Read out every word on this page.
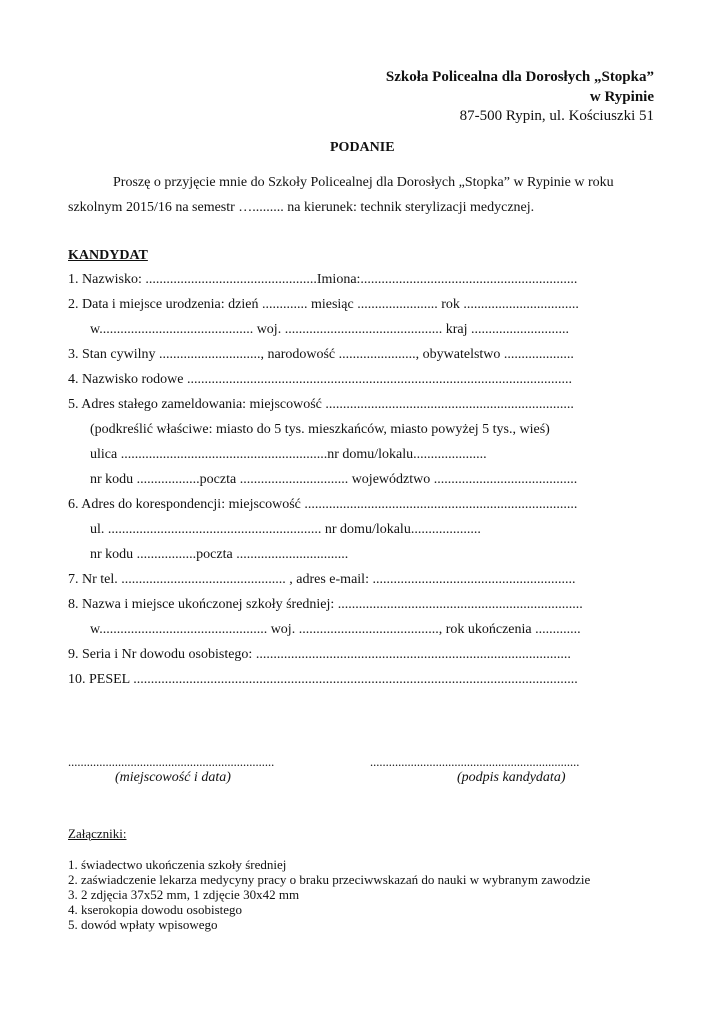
Szkoła Policealna dla Dorosłych „Stopka”
w Rypinie
87-500 Rypin, ul. Kościuszki 51
PODANIE
Proszę o przyjęcie mnie do Szkoły Policealnej dla Dorosłych „Stopka” w Rypinie w roku
szkolnym 2015/16 na semestr …......... na kierunek: technik sterylizacji medycznej.
KANDYDAT
1. Nazwisko: .................................................Imiona:..............................................................
2. Data i miejsce urodzenia: dzień ............. miesiąc ....................... rok .................................
w............................................ woj. ............................................. kraj ............................
3. Stan cywilny ............................., narodowość ......................, obywatelstwo ....................
4. Nazwisko rodowe ..............................................................................................................
5. Adres stałego zameldowania: miejscowość .......................................................................
(podkreślić właściwe: miasto do 5 tys. mieszkańców, miasto powyżej 5 tys., wieś)
ulica ...........................................................nr domu/lokalu.....................
nr kodu ..................poczta ............................... województwo .........................................
6. Adres do korespondencji: miejscowość ..............................................................................
ul. ............................................................. nr domu/lokalu....................
nr kodu .................poczta ................................
7. Nr tel. ............................................... , adres e-mail: ..........................................................
8. Nazwa i miejsce ukończonej szkoły średniej: ......................................................................
w................................................ woj. ........................................, rok ukończenia .............
9. Seria i Nr dowodu osobistego: ..........................................................................................
10. PESEL ...............................................................................................................................
..................................................................
(miejscowość i data)
...................................................................
(podpis kandydata)
Załączniki:
1. świadectwo ukończenia szkoły średniej
2. zaświadczenie lekarza medycyny pracy o braku przeciwwskazań do nauki w wybranym zawodzie
3. 2 zdjęcia 37x52 mm, 1 zdjęcie 30x42 mm
4. kserokopia dowodu osobistego
5. dowód wpłaty wpisowego
